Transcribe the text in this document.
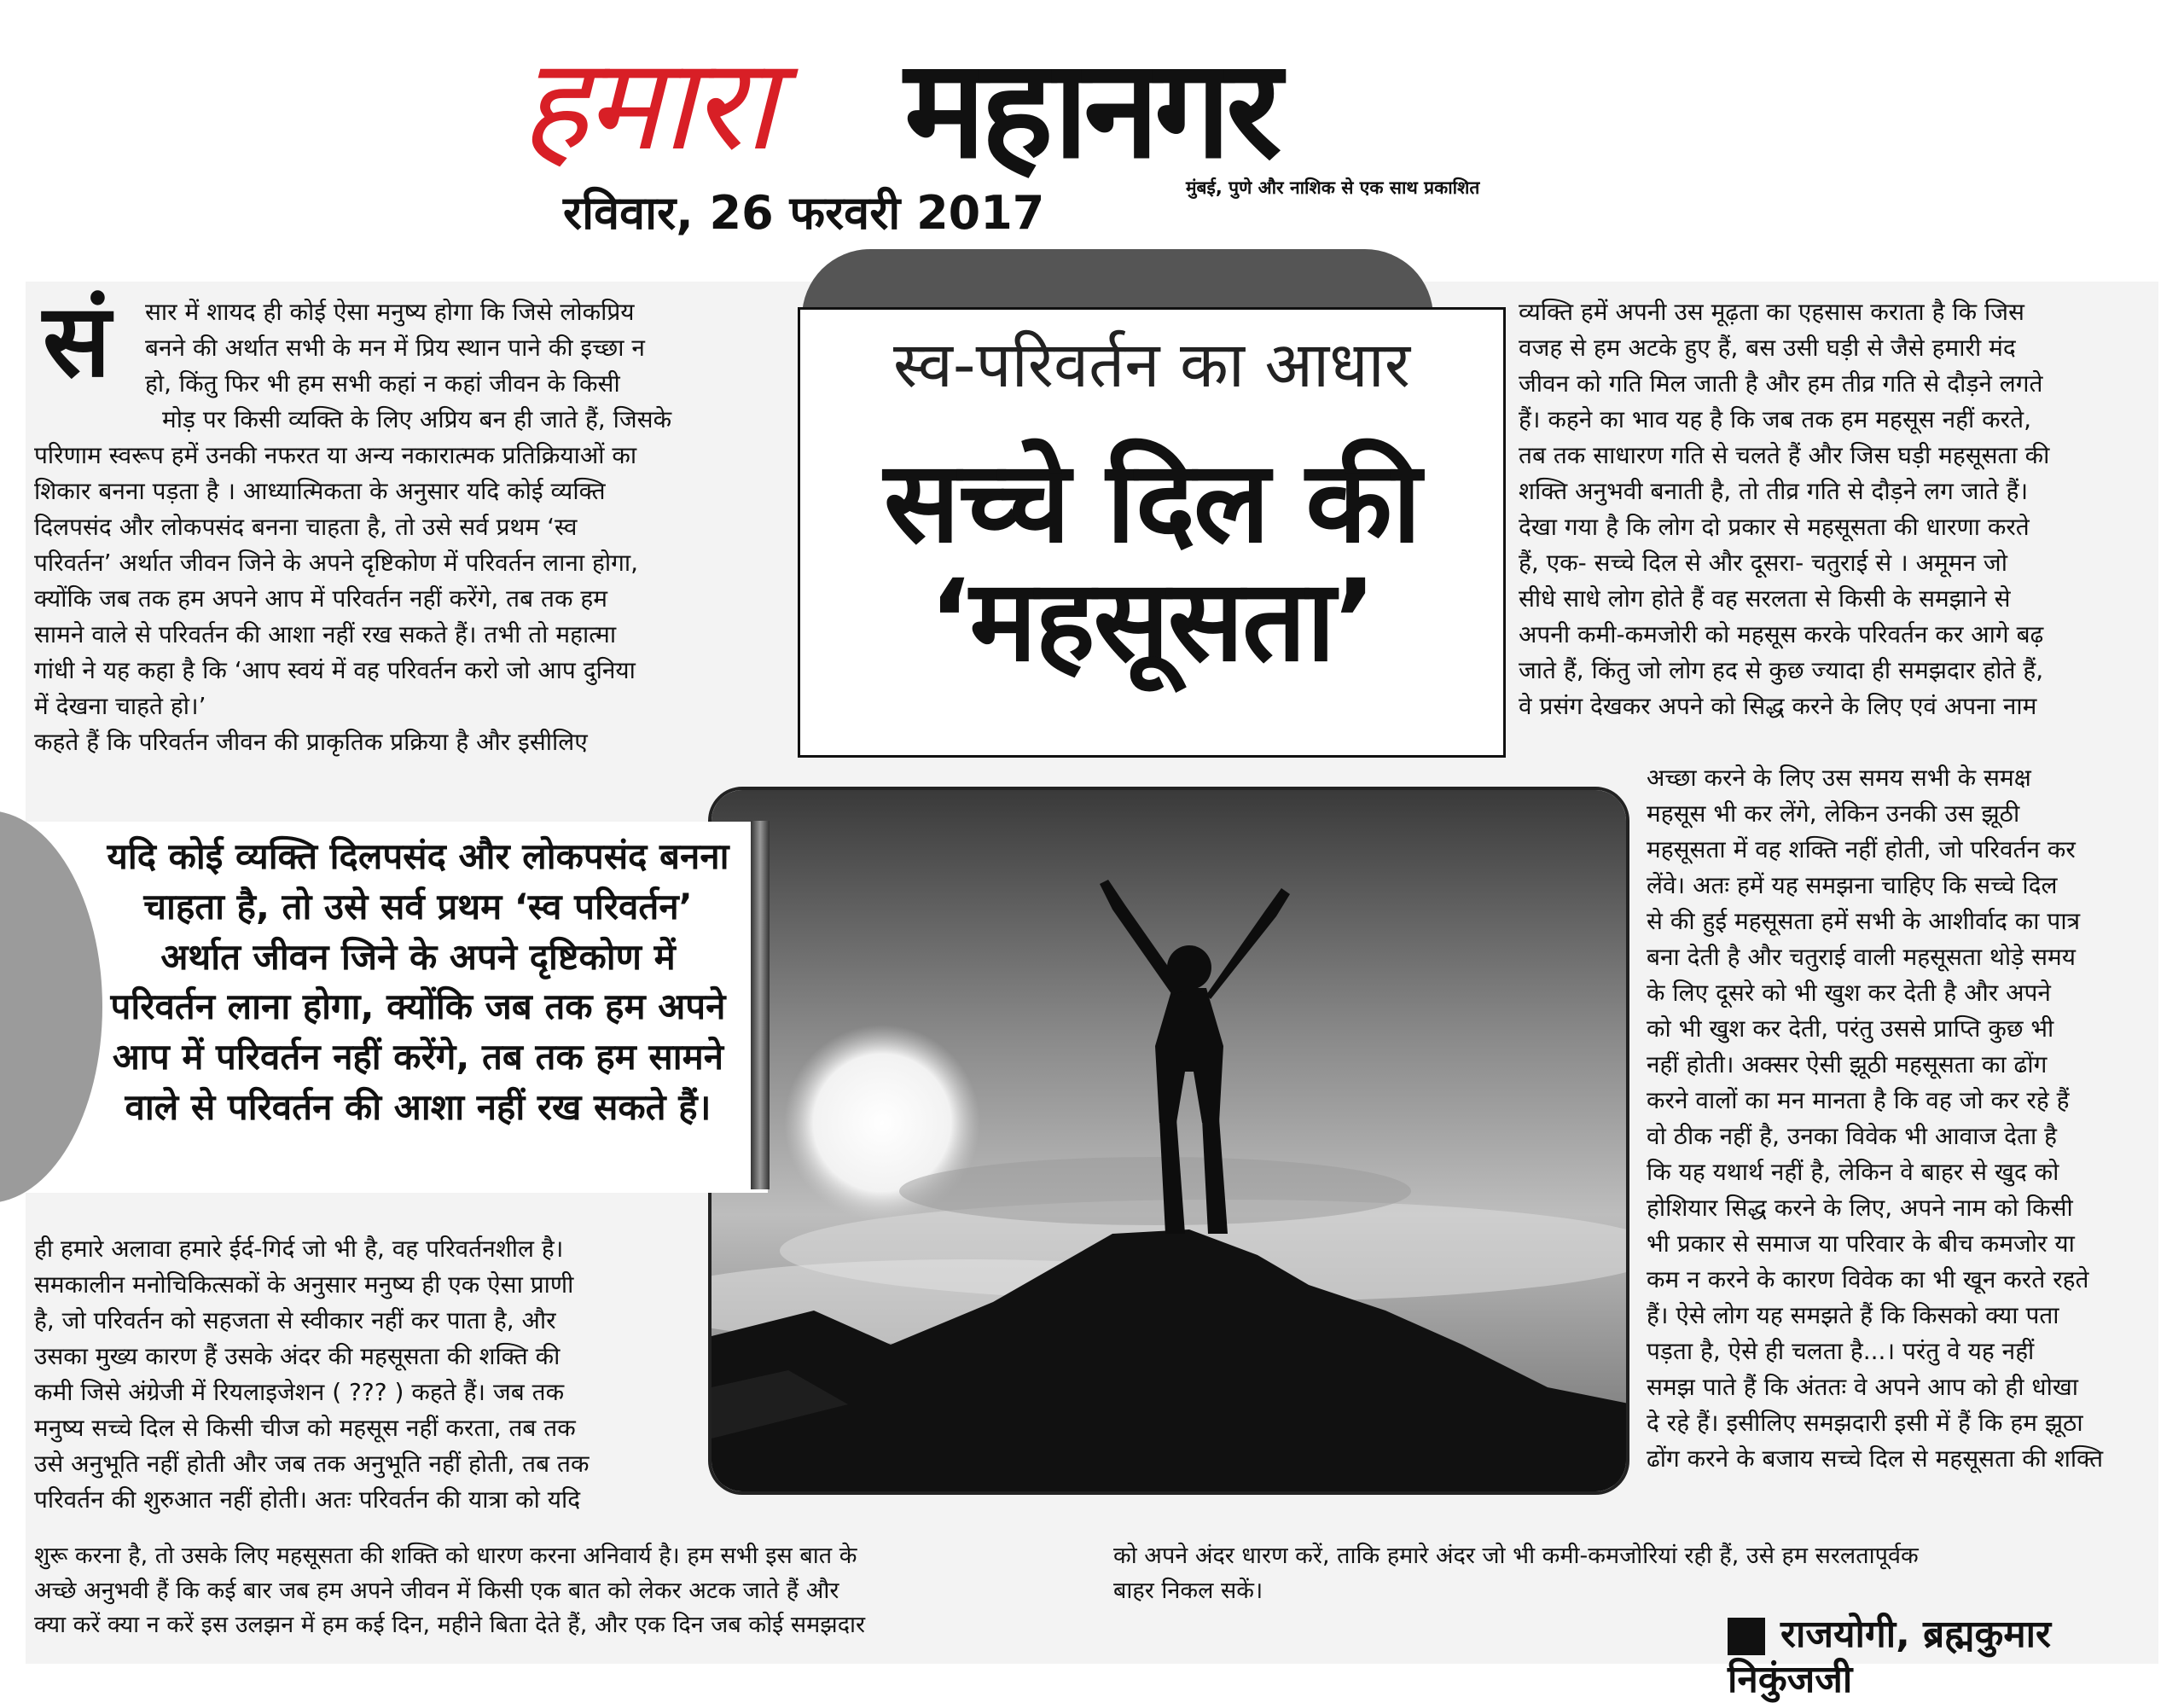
हमारा महानगर
रविवार, 26 फरवरी 2017	मुंबई, पुणे और नाशिक से एक साथ प्रकाशित
सं सार में शायद ही कोई ऐसा मनुष्य होगा कि जिसे लोकप्रिय
बनने की अर्थात सभी के मन में प्रिय स्थान पाने की इच्छा न
हो, किंतु फिर भी हम सभी कहां न कहां जीवन के किसी
मोड़ पर किसी व्यक्ति के लिए अप्रिय बन ही जाते हैं, जिसके
परिणाम स्वरूप हमें उनकी नफरत या अन्य नकारात्मक प्रतिक्रियाओं का
शिकार बनना पड़ता है । आध्यात्मिकता के अनुसार यदि कोई व्यक्ति
दिलपसंद और लोकपसंद बनना चाहता है, तो उसे सर्व प्रथम ‘स्व
परिवर्तन’ अर्थात जीवन जिने के अपने दृष्टिकोण में परिवर्तन लाना होगा,
क्योंकि जब तक हम अपने आप में परिवर्तन नहीं करेंगे, तब तक हम
सामने वाले से परिवर्तन की आशा नहीं रख सकते हैं। तभी तो महात्मा
गांधी ने यह कहा है कि ‘आप स्वयं में वह परिवर्तन करो जो आप दुनिया
में देखना चाहते हो।’
कहते हैं कि परिवर्तन जीवन की प्राकृतिक प्रक्रिया है और इसीलिए
स्व-परिवर्तन का आधार
सच्चे दिल की
‘महसूसता’
व्यक्ति हमें अपनी उस मूढ़ता का एहसास कराता है कि जिस
वजह से हम अटके हुए हैं, बस उसी घड़ी से जैसे हमारी मंद
जीवन को गति मिल जाती है और हम तीव्र गति से दौड़ने लगते
हैं। कहने का भाव यह है कि जब तक हम महसूस नहीं करते,
तब तक साधारण गति से चलते हैं और जिस घड़ी महसूसता की
शक्ति अनुभवी बनाती है, तो तीव्र गति से दौड़ने लग जाते हैं।
देखा गया है कि लोग दो प्रकार से महसूसता की धारणा करते
हैं, एक- सच्चे दिल से और दूसरा- चतुराई से । अमूमन जो
सीधे साधे लोग होते हैं वह सरलता से किसी के समझाने से
अपनी कमी-कमजोरी को महसूस करके परिवर्तन कर आगे बढ़
जाते हैं, किंतु जो लोग हद से कुछ ज्यादा ही समझदार होते हैं,
वे प्रसंग देखकर अपने को सिद्ध करने के लिए एवं अपना नाम
अच्छा करने के लिए उस समय सभी के समक्ष
महसूस भी कर लेंगे, लेकिन उनकी उस झूठी
महसूसता में वह शक्ति नहीं होती, जो परिवर्तन कर
लेंवे। अतः हमें यह समझना चाहिए कि सच्चे दिल
से की हुई महसूसता हमें सभी के आशीर्वाद का पात्र
बना देती है और चतुराई वाली महसूसता थोड़े समय
के लिए दूसरे को भी खुश कर देती है और अपने
को भी खुश कर देती, परंतु उससे प्राप्ति कुछ भी
नहीं होती। अक्सर ऐसी झूठी महसूसता का ढोंग
करने वालों का मन मानता है कि वह जो कर रहे हैं
वो ठीक नहीं है, उनका विवेक भी आवाज देता है
कि यह यथार्थ नहीं है, लेकिन वे बाहर से खुद को
होशियार सिद्ध करने के लिए, अपने नाम को किसी
भी प्रकार से समाज या परिवार के बीच कमजोर या
कम न करने के कारण विवेक का भी खून करते रहते
हैं। ऐसे लोग यह समझते हैं कि किसको क्या पता
पड़ता है, ऐसे ही चलता है...। परंतु वे यह नहीं
समझ पाते हैं कि अंततः वे अपने आप को ही धोखा
दे रहे हैं। इसीलिए समझदारी इसी में हैं कि हम झूठा
ढोंग करने के बजाय सच्चे दिल से महसूसता की शक्ति
यदि कोई व्यक्ति दिलपसंद और लोकपसंद बनना
चाहता है, तो उसे सर्व प्रथम ‘स्व परिवर्तन’
अर्थात जीवन जिने के अपने दृष्टिकोण में
परिवर्तन लाना होगा, क्योंकि जब तक हम अपने
आप में परिवर्तन नहीं करेंगे, तब तक हम सामने
वाले से परिवर्तन की आशा नहीं रख सकते हैं।
ही हमारे अलावा हमारे ईर्द-गिर्द जो भी है, वह परिवर्तनशील है।
समकालीन मनोचिकित्सकों के अनुसार मनुष्य ही एक ऐसा प्राणी
है, जो परिवर्तन को सहजता से स्वीकार नहीं कर पाता है, और
उसका मुख्य कारण हैं उसके अंदर की महसूसता की शक्ति की
कमी जिसे अंग्रेजी में रियलाइजेशन ( ??? ) कहते हैं। जब तक
मनुष्य सच्चे दिल से किसी चीज को महसूस नहीं करता, तब तक
उसे अनुभूति नहीं होती और जब तक अनुभूति नहीं होती, तब तक
परिवर्तन की शुरुआत नहीं होती। अतः परिवर्तन की यात्रा को यदि
शुरू करना है, तो उसके लिए महसूसता की शक्ति को धारण करना अनिवार्य है। हम सभी इस बात के
अच्छे अनुभवी हैं कि कई बार जब हम अपने जीवन में किसी एक बात को लेकर अटक जाते हैं और
क्या करें क्या न करें इस उलझन में हम कई दिन, महीने बिता देते हैं, और एक दिन जब कोई समझदार
को अपने अंदर धारण करें, ताकि हमारे अंदर जो भी कमी-कमजोरियां रही हैं, उसे हम सरलतापूर्वक
बाहर निकल सकें।
राजयोगी, ब्रह्मकुमार निकुंजजी
